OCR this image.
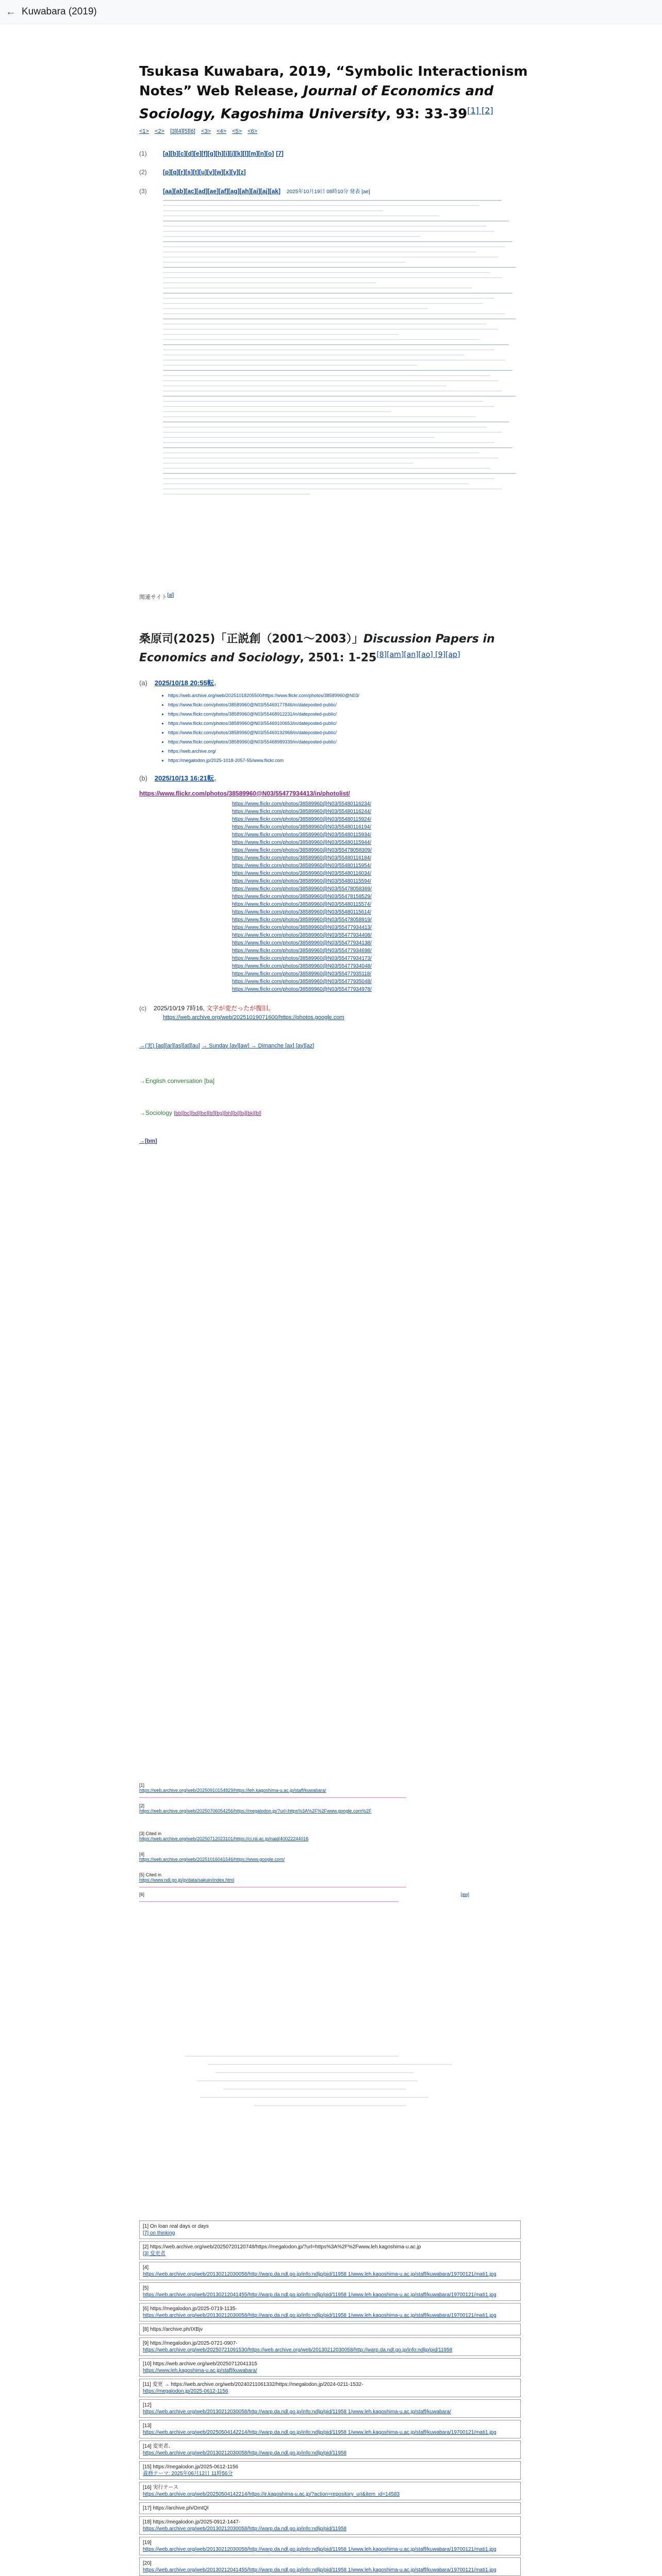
← Kuwabara (2019)
Tsukasa Kuwabara, 2019, “Symbolic Interactionism Notes” Web Release, Journal of Economics and Sociology, Kagoshima University, 93: 33-39[1] [2]
<1> <2> [3][4][5][6] <3> <4> <5> <6>
(1)	[a][b][c][d][e][f][g][h][i][j][k][l][m][n][o] [7]
(2)	[p][q][r][s][t][u][v][w][x][y][z]
(3)	[aa][ab][ac][ad][ae][af][ag][ah][ai][aj][ak] 2025年10月19日 08時10分 発表 [ae]
関連サイト[al]
桑原司(2025)「正説創（2001〜2003）」Discussion Papers in Economics and Sociology, 2501: 1-25[8][am][an][ao] [9][ap]
(a) 2025/10/18 20:55転。
• https://web.archive.org/web/20251018205500/https://www.flickr.com/photos/38589960@N03/
• https://www.flickr.com/photos/38589960@N03/55469177846/in/dateposted-public/
• https://www.flickr.com/photos/38589960@N03/55468912231/in/dateposted-public/
• https://www.flickr.com/photos/38589960@N03/55469100653/in/dateposted-public/
• https://www.flickr.com/photos/38589960@N03/55469192968/in/dateposted-public/
• https://www.flickr.com/photos/38589960@N03/55468989339/in/dateposted-public/
• https://web.archive.org/
• https://megalodon.jp/2025-1018-2057-55/www.flickr.com
(b) 2025/10/13 16:21転。
https://www.flickr.com/photos/38589960@N03/55477934413/in/photolist/
https://www.flickr.com/photos/38589960@N03/55480116234/
https://www.flickr.com/photos/38589960@N03/55480116244/
https://www.flickr.com/photos/38589960@N03/55480115924/
https://www.flickr.com/photos/38589960@N03/55480116194/
https://www.flickr.com/photos/38589960@N03/55480115934/
https://www.flickr.com/photos/38589960@N03/55480115944/
https://www.flickr.com/photos/38589960@N03/55478058309/
https://www.flickr.com/photos/38589960@N03/55480116184/
https://www.flickr.com/photos/38589960@N03/55480115954/
https://www.flickr.com/photos/38589960@N03/55480116034/
https://www.flickr.com/photos/38589960@N03/55480115594/
https://www.flickr.com/photos/38589960@N03/55478058369/
https://www.flickr.com/photos/38589960@N03/55478158529/
https://www.flickr.com/photos/38589960@N03/55480115574/
https://www.flickr.com/photos/38589960@N03/55480115614/
https://www.flickr.com/photos/38589960@N03/55478058919/
https://www.flickr.com/photos/38589960@N03/55477934413/
https://www.flickr.com/photos/38589960@N03/55477934408/
https://www.flickr.com/photos/38589960@N03/55477934138/
https://www.flickr.com/photos/38589960@N03/55477934698/
https://www.flickr.com/photos/38589960@N03/55477934173/
https://www.flickr.com/photos/38589960@N03/55477934048/
https://www.flickr.com/photos/38589960@N03/55477935118/
https://www.flickr.com/photos/38589960@N03/55477935048/
https://www.flickr.com/photos/38589960@N03/55477934978/
(c) 2025/10/19 7時16, 文字が変だったが復旧。
https://web.archive.org/web/20251019071600/https://photos.google.com
→(実) [aq][ar][as][at][au] → Sunday [av][aw] → Dimanche [ax] [ay][az]
→English conversation [ba]
→Sociology [bb][bc][bd][be][bf][bg][bh][bi][bj][bk][bl]
→[bm]
[1]
https://web.archive.org/web/20250910154829/https://leh.kagoshima-u.ac.jp/staff/kuwabara/
[2]
https://web.archive.org/web/20250706054256/https://megalodon.jp/?url=https%3A%2F%2Fwww.google.com%2F
[3] Cited in
https://web.archive.org/web/20250712023101/https://ci.nii.ac.jp/naid/40022244016
[4]
https://web.archive.org/web/20251016041546/https://www.google.com/
[5] Cited in
https://www.ndl.go.jp/jp/data/sakuin/index.html
[6]	[aw]
[1] On loan real days or days
[7] on thinking
[2] https://web.archive.org/web/20250720120748/https://megalodon.jp/?url=https%3A%2F%2Fwww.leh.kagoshima-u.ac.jp
[3] 変更者
[4]
https://web.archive.org/web/20130212030058/http://warp.da.ndl.go.jp/info:ndljp/pid/11958 1/www.leh.kagoshima-u.ac.jp/staff/kuwabara/19700121/mati1.jpg
[5]
https://web.archive.org/web/20130212041455/http://warp.da.ndl.go.jp/info:ndljp/pid/11958 1/www.leh.kagoshima-u.ac.jp/staff/kuwabara/19700121/mati1.jpg
[6] https://megalodon.jp/2025-0719-1135-
https://web.archive.org/web/20130212030058/http://warp.da.ndl.go.jp/info:ndljp/pid/11958 1/www.leh.kagoshima-u.ac.jp/staff/kuwabara/19700121/mati1.jpg
[8] https://archive.ph/IXBjv
[9] https://megalodon.jp/2025-0721-0907-
https://web.archive.org/web/20250721091530/https://web.archive.org/web/20130212030058/http://warp.da.ndl.go.jp/info:ndljp/pid/11958
[10] https://web.archive.org/web/20250712041315
https://www.leh.kagoshima-u.ac.jp/staff/kuwabara/
[11] 変更 → https://web.archive.org/web/20240211061332/https://megalodon.jp/2024-0211-1532-
https://megalodon.jp/2025-0612-1156
[12]
https://web.archive.org/web/20130212030058/http://warp.da.ndl.go.jp/info:ndljp/pid/11958 1/www.leh.kagoshima-u.ac.jp/staff/kuwabara/
[13]
https://web.archive.org/web/20250504142214/http://warp.da.ndl.go.jp/info:ndljp/pid/11958 1/www.leh.kagoshima-u.ac.jp/staff/kuwabara/19700121/mati1.jpg
[14] 変更者、
https://web.archive.org/web/20130212030058/http://warp.da.ndl.go.jp/info:ndljp/pid/11958
[15] https://megalodon.jp/2025-0612-1156
義務テーマ: 2025年06月12日 11時56分
[16] 実行テース
https://web.archive.org/web/20250504142214/https://ir.kagoshima-u.ac.jp/?action=repository_uri&item_id=14583
[17] https://archive.ph/OmtQl
[18] https://megalodon.jp/2025-0912-1447-
https://web.archive.org/web/20130212030058/http://warp.da.ndl.go.jp/info:ndljp/pid/11958
[19]
https://web.archive.org/web/20130212030058/http://warp.da.ndl.go.jp/info:ndljp/pid/11958 1/www.leh.kagoshima-u.ac.jp/staff/kuwabara/19700121/mati1.jpg
[20]
https://web.archive.org/web/20130212041455/http://warp.da.ndl.go.jp/info:ndljp/pid/11958 1/www.leh.kagoshima-u.ac.jp/staff/kuwabara/19700121/mati1.jpg
